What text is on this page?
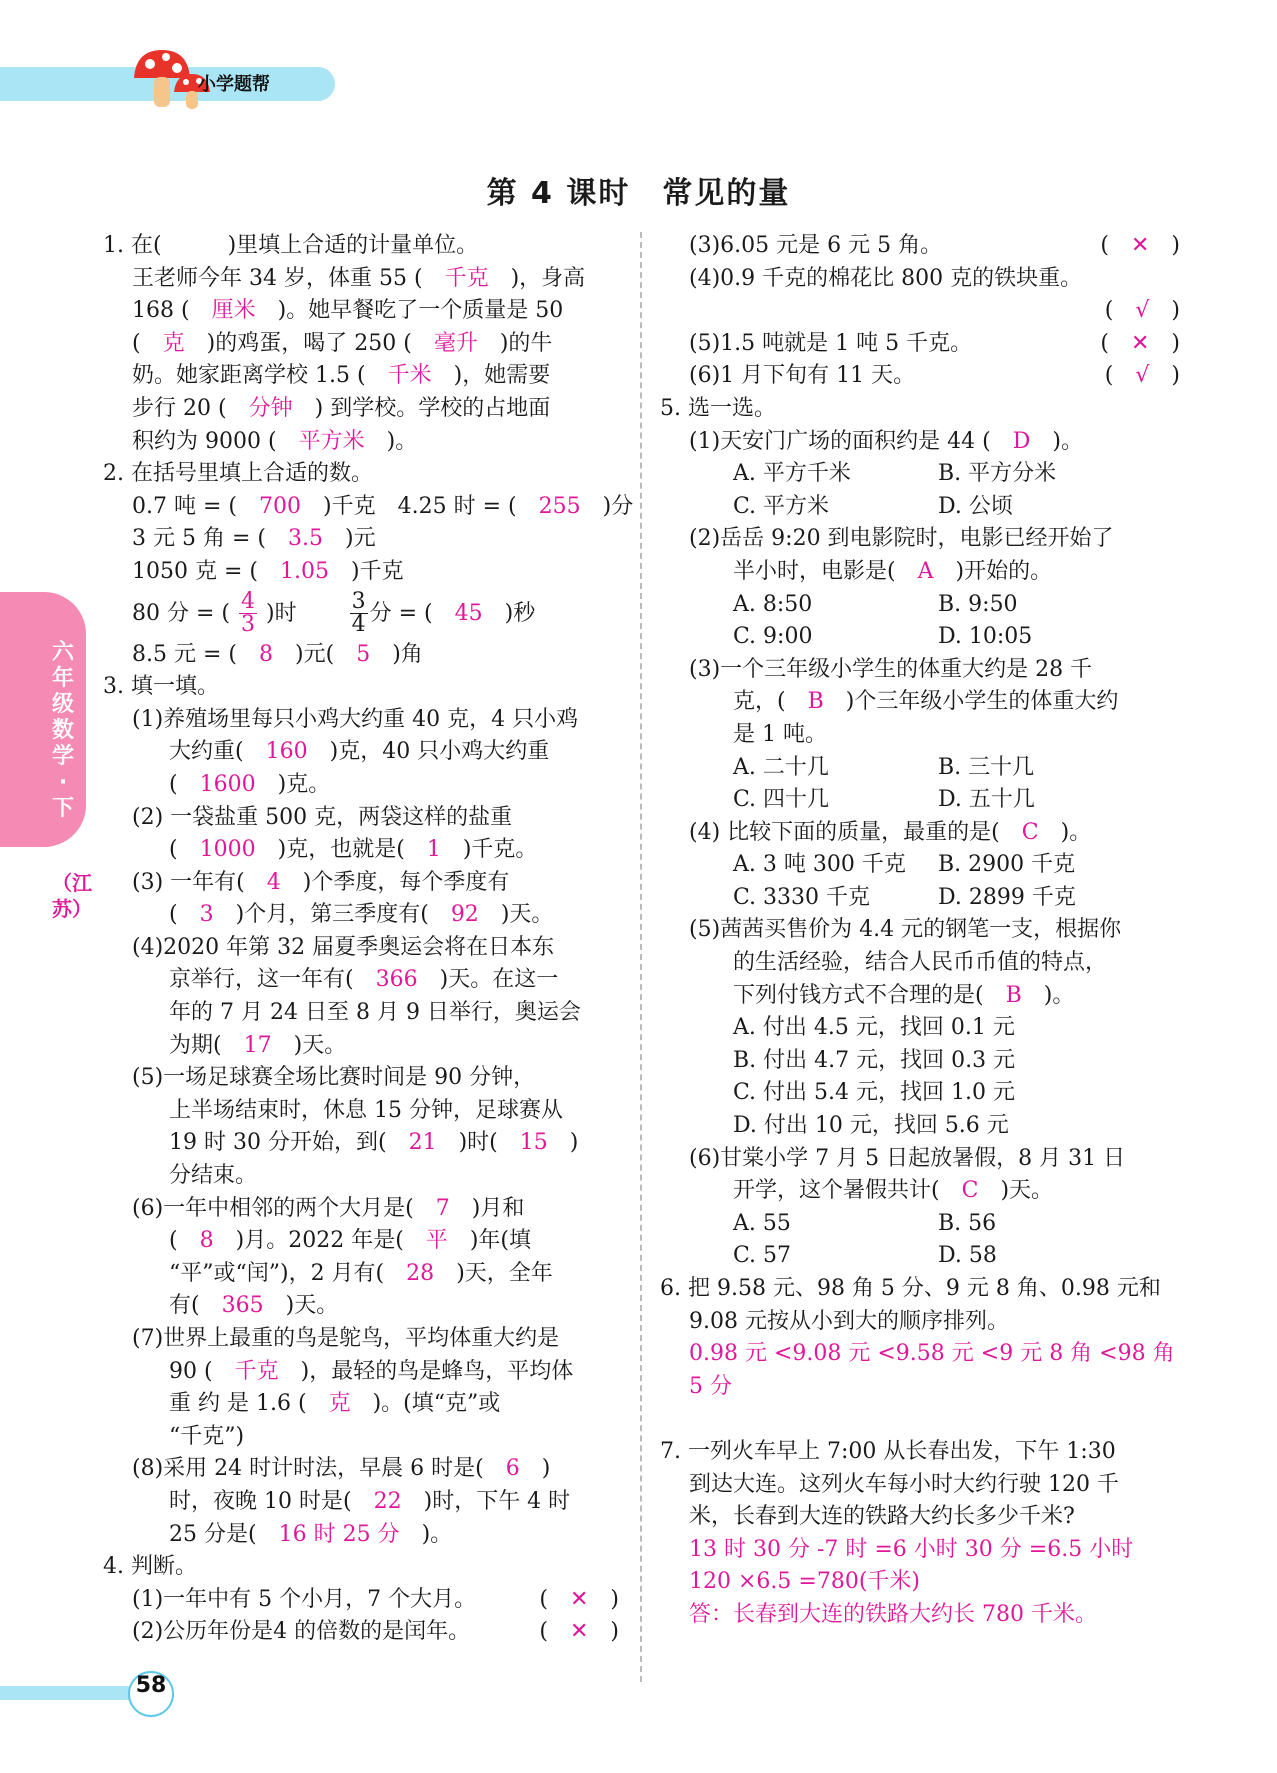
小学题帮
第 4 课时　常见的量
六年级数学·下
（江苏）
1. 在(　　　)里填上合适的计量单位。
王老师今年 34 岁，体重 55 (　 千克　 )，身高
168 (　 厘米　 )。她早餐吃了一个质量是 50
(　 克　 )的鸡蛋，喝了 250 (　 毫升　 )的牛
奶。她家距离学校 1.5 (　 千米　 )，她需要
步行 20 (　 分钟　 ) 到学校。学校的占地面
积约为 9000 (　 平方米　 )。
2. 在括号里填上合适的数。
0.7 吨 = (　 700　 )千克　4.25 时 = (　 255　 )分
3 元 5 角 = (　 3.5　 )元
1050 克 = (　 1.05　 )千克
80 分 = ( $\frac{4}{3}$ )时　　 $\frac{3}{4}$ 分 = (　 45　 )秒
8.5 元 = (　 8　 )元(　 5　 )角
3. 填一填。
(1)养殖场里每只小鸡大约重 40 克，4 只小鸡
大约重(　 160　 )克，40 只小鸡大约重
(　 1600　 )克。
(2) 一袋盐重 500 克，两袋这样的盐重
(　 1000　 )克，也就是(　 1　 )千克。
(3) 一年有(　 4　 )个季度，每个季度有
(　 3　 )个月，第三季度有(　 92　 )天。
(4)2020 年第 32 届夏季奥运会将在日本东
京举行，这一年有(　 366　 )天。在这一
年的 7 月 24 日至 8 月 9 日举行，奥运会
为期(　 17　 )天。
(5)一场足球赛全场比赛时间是 90 分钟，
上半场结束时，休息 15 分钟，足球赛从
19 时 30 分开始，到(　 21　 )时(　 15　 )
分结束。
(6)一年中相邻的两个大月是(　 7　 )月和
(　 8　 )月。2022 年是(　 平　 )年(填
“平”或“闰”)，2 月有(　 28　 )天，全年
有(　 365　 )天。
(7)世界上最重的鸟是鸵鸟，平均体重大约是
90 (　 千克　 )，最轻的鸟是蜂鸟，平均体
重 约 是 1.6 (　 克　 )。(填“克”或
“千克”)
(8)采用 24 时计时法，早晨 6 时是(　 6　 )
时，夜晚 10 时是(　 22　 )时，下午 4 时
25 分是(　 16 时 25 分　 )。
4. 判断。
(1)一年中有 5 个小月，7 个大月。	(　✕　)
(2)公历年份是4 的倍数的是闰年。	(　✕　)
(3)6.05 元是 6 元 5 角。	(　✕　)
(4)0.9 千克的棉花比 800 克的铁块重。
(　√　)
(5)1.5 吨就是 1 吨 5 千克。	(　✕　)
(6)1 月下旬有 11 天。	(　√　)
5. 选一选。
(1)天安门广场的面积约是 44 (　 D　 )。
A. 平方千米	B. 平方分米
C. 平方米	D. 公顷
(2)岳岳 9:20 到电影院时，电影已经开始了
半小时，电影是(　 A　 )开始的。
A. 8:50	B. 9:50
C. 9:00	D. 10:05
(3)一个三年级小学生的体重大约是 28 千
克，(　 B　 )个三年级小学生的体重大约
是 1 吨。
A. 二十几	B. 三十几
C. 四十几	D. 五十几
(4) 比较下面的质量，最重的是(　 C　 )。
A. 3 吨 300 千克 B. 2900 千克
C. 3330 千克	D. 2899 千克
(5)茜茜买售价为 4.4 元的钢笔一支，根据你
的生活经验，结合人民币币值的特点，
下列付钱方式不合理的是(　 B　 )。
A. 付出 4.5 元，找回 0.1 元
B. 付出 4.7 元，找回 0.3 元
C. 付出 5.4 元，找回 1.0 元
D. 付出 10 元，找回 5.6 元
(6)甘棠小学 7 月 5 日起放暑假，8 月 31 日
开学，这个暑假共计(　 C　 )天。
A. 55	B. 56
C. 57	D. 58
6. 把 9.58 元、98 角 5 分、9 元 8 角、0.98 元和
9.08 元按从小到大的顺序排列。
0.98 元 <9.08 元 <9.58 元 <9 元 8 角 <98 角
5 分
7. 一列火车早上 7:00 从长春出发，下午 1:30
到达大连。这列火车每小时大约行驶 120 千
米，长春到大连的铁路大约长多少千米?
13 时 30 分 -7 时 =6 小时 30 分 =6.5 小时
120 ×6.5 =780(千米)
答：长春到大连的铁路大约长 780 千米。
58
